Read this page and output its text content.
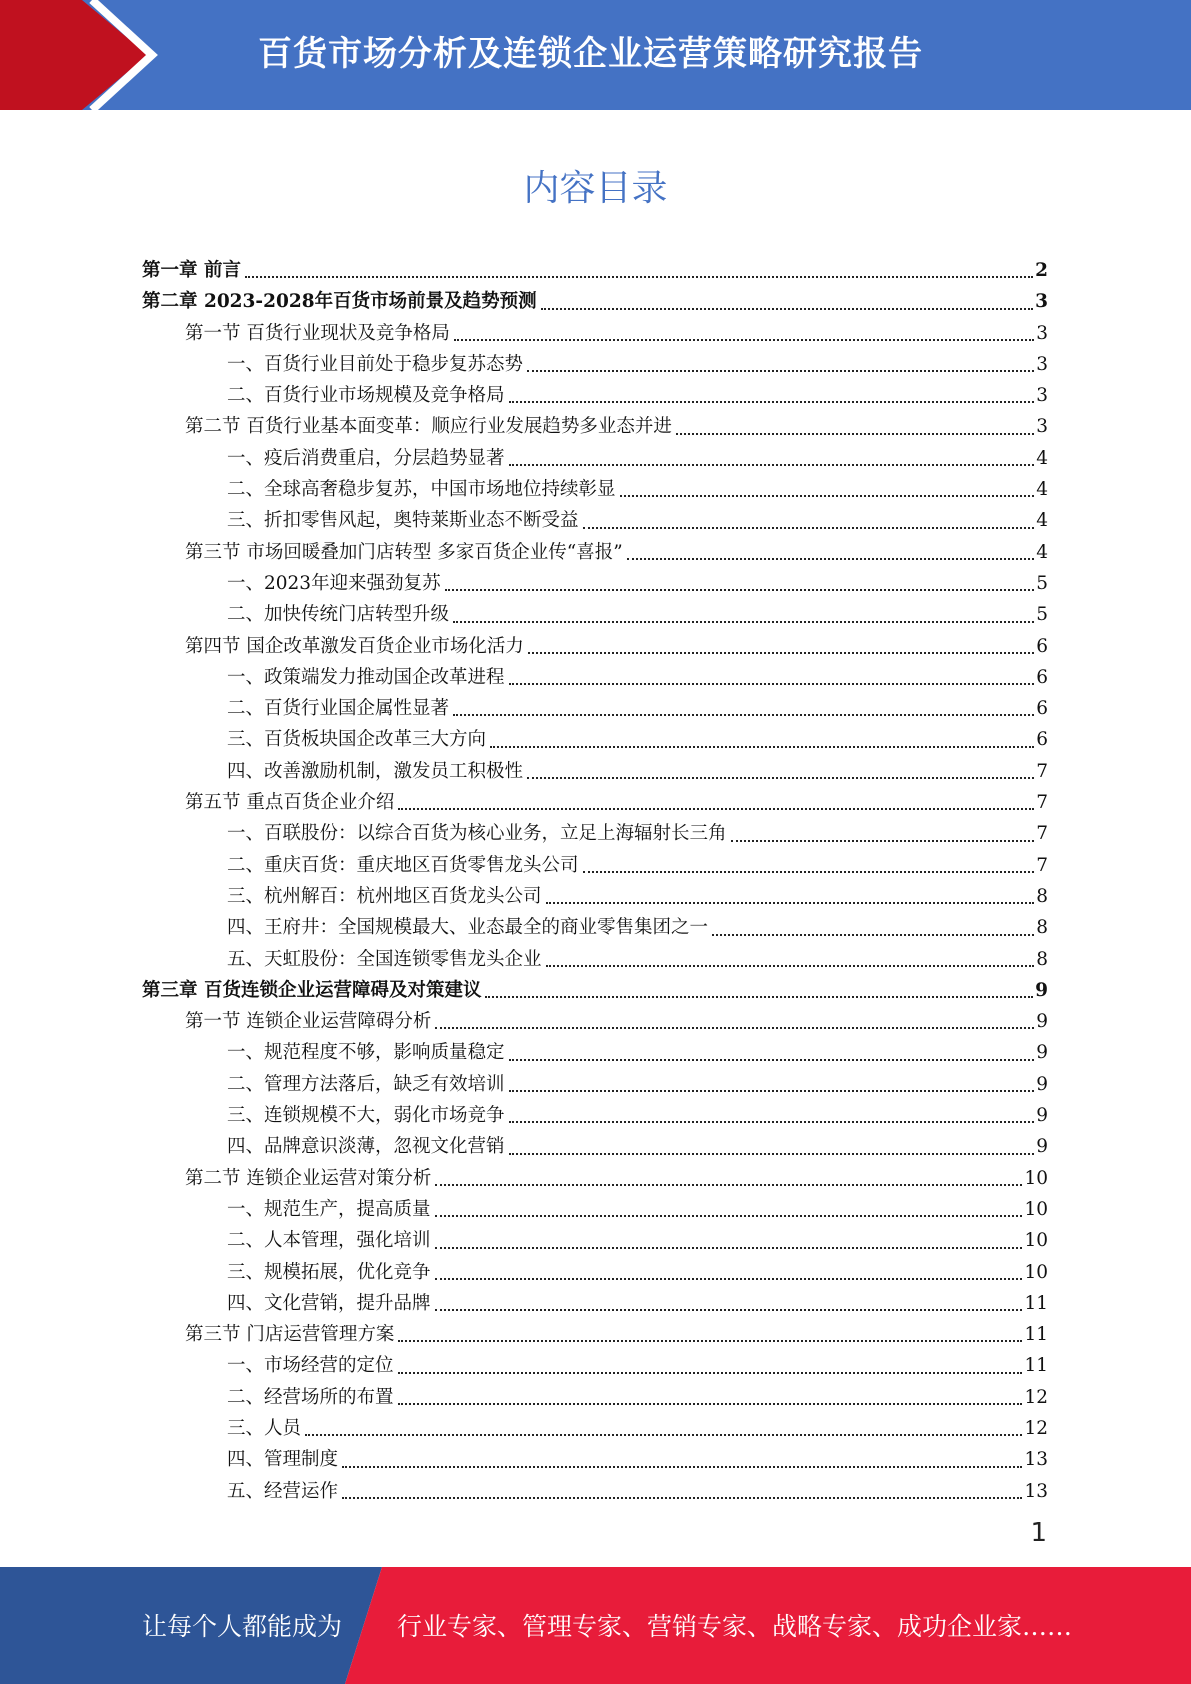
百货市场分析及连锁企业运营策略研究报告
内容目录
第一章 前言	2
第二章 2023-2028年百货市场前景及趋势预测	3
第一节 百货行业现状及竞争格局	3
一、百货行业目前处于稳步复苏态势	3
二、百货行业市场规模及竞争格局	3
第二节 百货行业基本面变革：顺应行业发展趋势多业态并进	3
一、疫后消费重启，分层趋势显著	4
二、全球高奢稳步复苏，中国市场地位持续彰显	4
三、折扣零售风起，奥特莱斯业态不断受益	4
第三节 市场回暖叠加门店转型 多家百货企业传“喜报”	4
一、2023年迎来强劲复苏	5
二、加快传统门店转型升级	5
第四节 国企改革激发百货企业市场化活力	6
一、政策端发力推动国企改革进程	6
二、百货行业国企属性显著	6
三、百货板块国企改革三大方向	6
四、改善激励机制，激发员工积极性	7
第五节 重点百货企业介绍	7
一、百联股份：以综合百货为核心业务，立足上海辐射长三角	7
二、重庆百货：重庆地区百货零售龙头公司	7
三、杭州解百：杭州地区百货龙头公司	8
四、王府井：全国规模最大、业态最全的商业零售集团之一	8
五、天虹股份：全国连锁零售龙头企业	8
第三章 百货连锁企业运营障碍及对策建议	9
第一节 连锁企业运营障碍分析	9
一、规范程度不够，影响质量稳定	9
二、管理方法落后，缺乏有效培训	9
三、连锁规模不大，弱化市场竞争	9
四、品牌意识淡薄，忽视文化营销	9
第二节 连锁企业运营对策分析	10
一、规范生产，提高质量	10
二、人本管理，强化培训	10
三、规模拓展，优化竞争	10
四、文化营销，提升品牌	11
第三节 门店运营管理方案	11
一、市场经营的定位	11
二、经营场所的布置	12
三、人员	12
四、管理制度	13
五、经营运作	13
1
让每个人都能成为 行业专家、管理专家、营销专家、战略专家、成功企业家……
